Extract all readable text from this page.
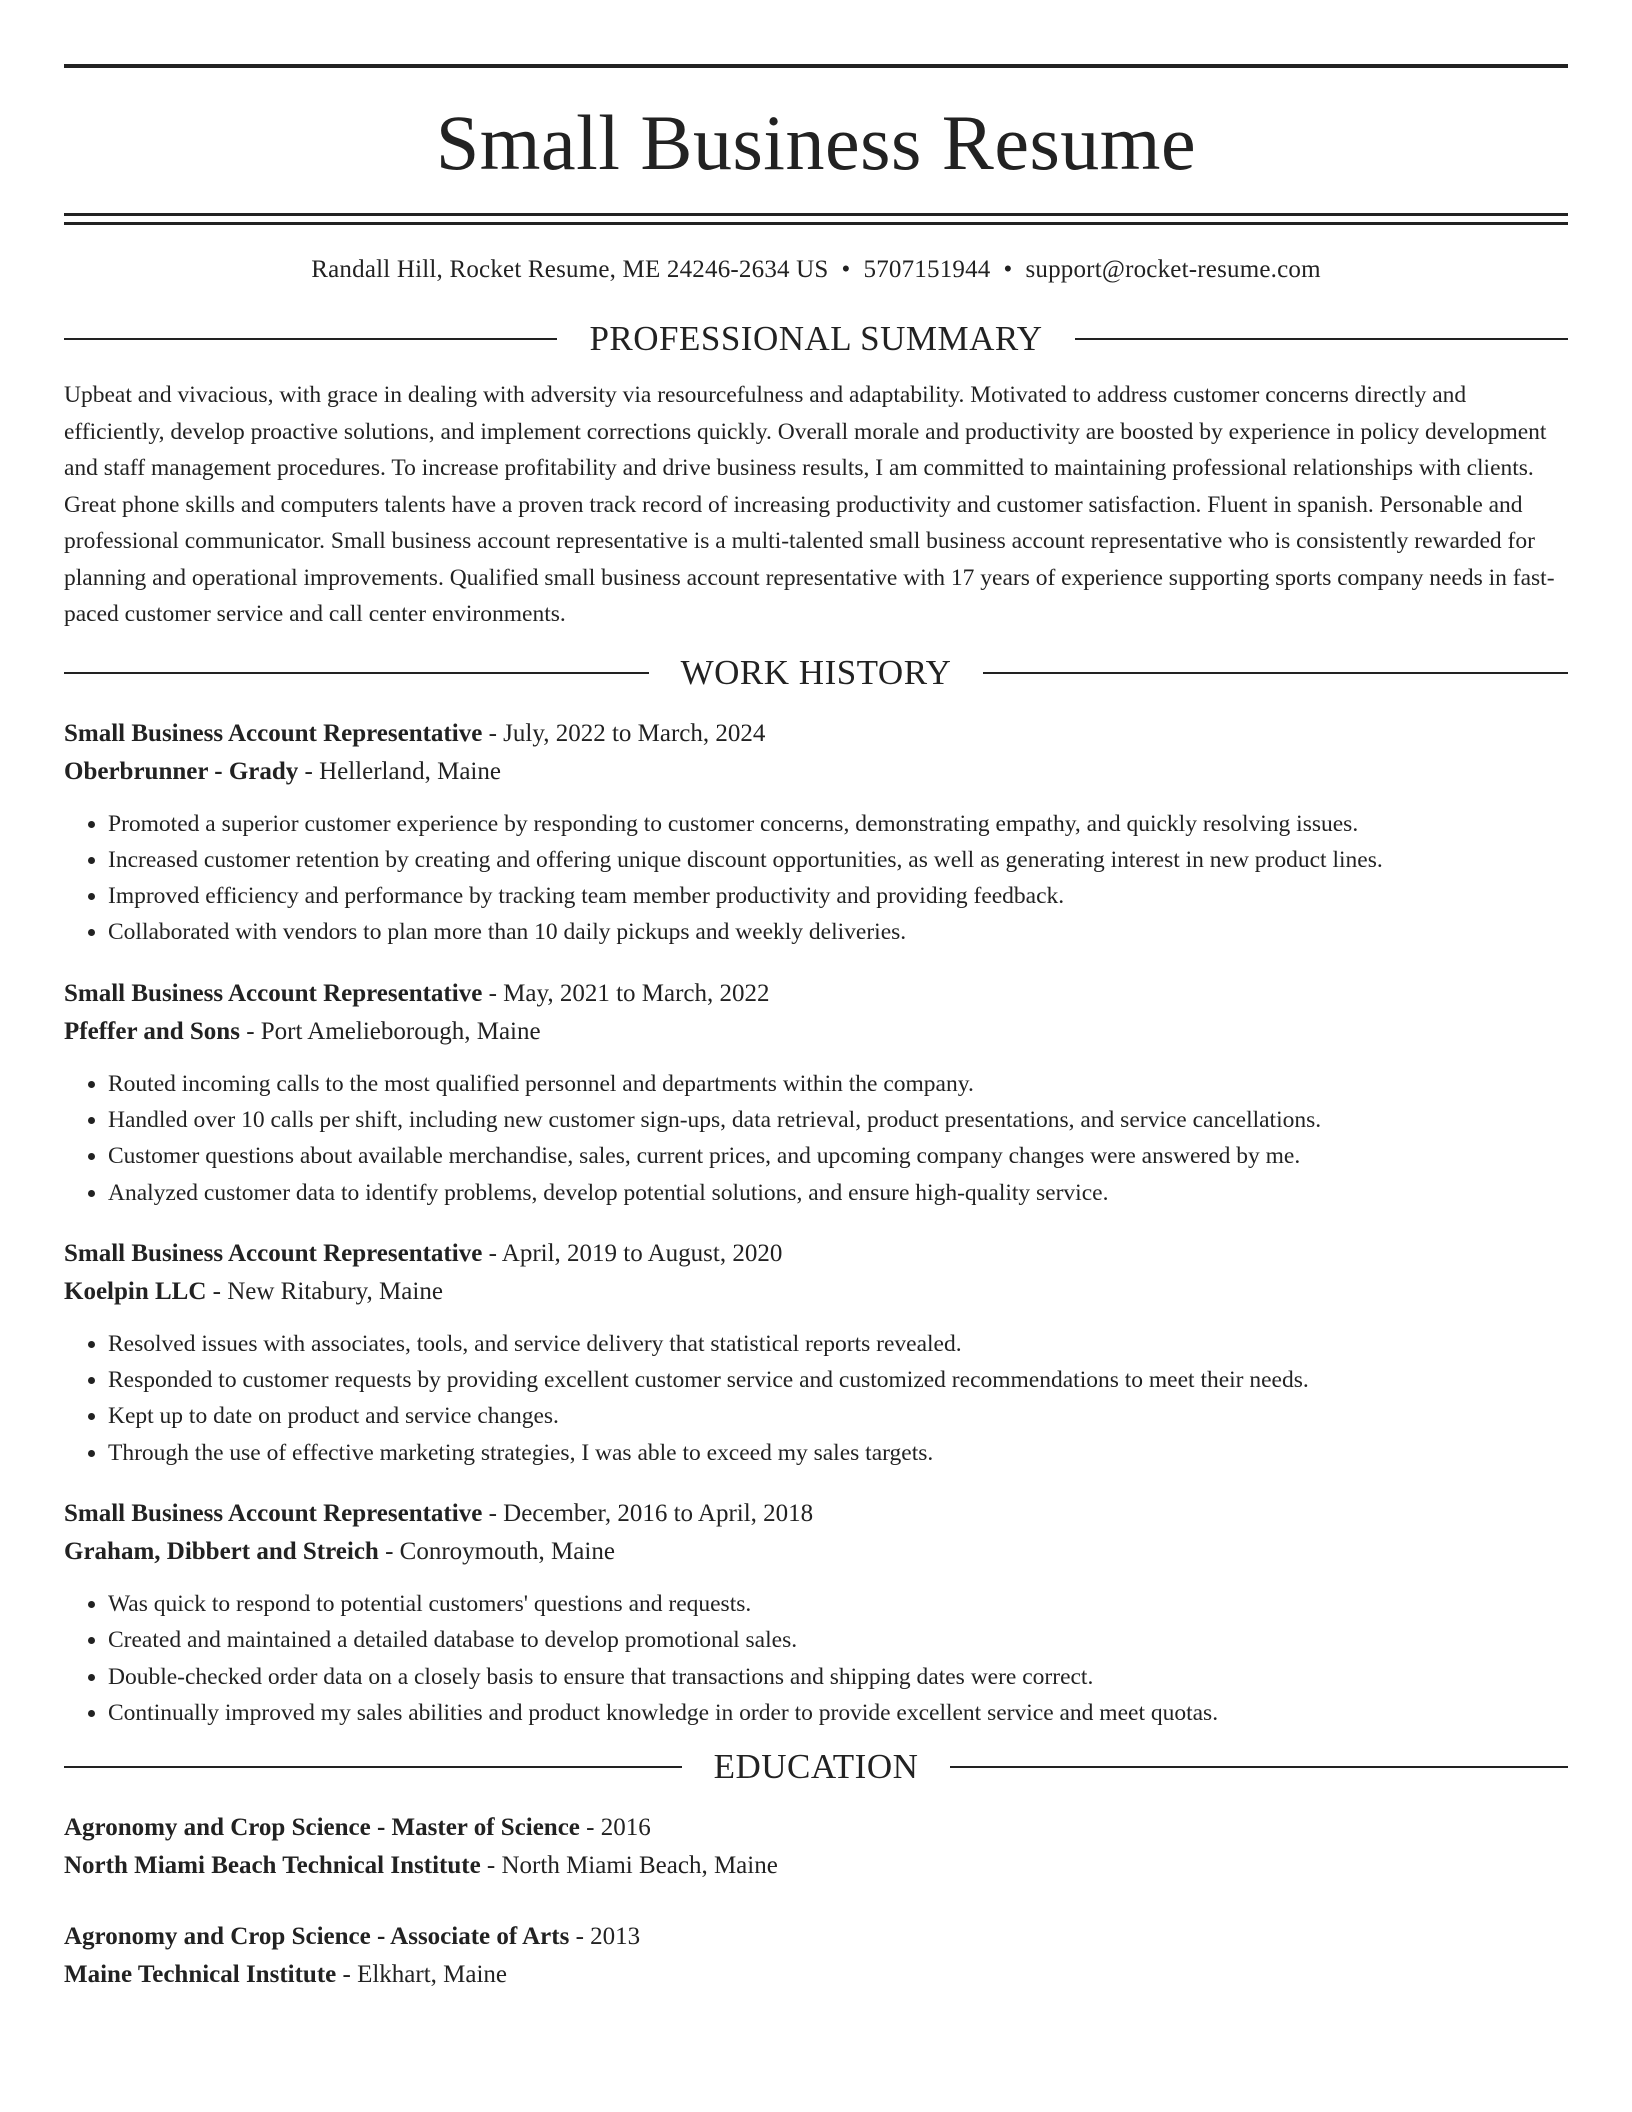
Small Business Resume
Randall Hill, Rocket Resume, ME 24246-2634 US • 5707151944 • support@rocket-resume.com
PROFESSIONAL SUMMARY

Upbeat and vivacious, with grace in dealing with adversity via resourcefulness and adaptability. Motivated to address customer concerns directly and efficiently, develop proactive solutions, and implement corrections quickly. Overall morale and productivity are boosted by experience in policy development and staff management procedures. To increase profitability and drive business results, I am committed to maintaining professional relationships with clients. Great phone skills and computers talents have a proven track record of increasing productivity and customer satisfaction. Fluent in spanish. Personable and professional communicator. Small business account representative is a multi-talented small business account representative who is consistently rewarded for planning and operational improvements. Qualified small business account representative with 17 years of experience supporting sports company needs in fast-paced customer service and call center environments.

WORK HISTORY
Small Business Account Representative - July, 2022 to March, 2024
Oberbrunner - Grady - Hellerland, Maine
• Promoted a superior customer experience by responding to customer concerns, demonstrating empathy, and quickly resolving issues.
• Increased customer retention by creating and offering unique discount opportunities, as well as generating interest in new product lines.
• Improved efficiency and performance by tracking team member productivity and providing feedback.
• Collaborated with vendors to plan more than 10 daily pickups and weekly deliveries.
Small Business Account Representative - May, 2021 to March, 2022
Pfeffer and Sons - Port Amelieborough, Maine
• Routed incoming calls to the most qualified personnel and departments within the company.
• Handled over 10 calls per shift, including new customer sign-ups, data retrieval, product presentations, and service cancellations.
• Customer questions about available merchandise, sales, current prices, and upcoming company changes were answered by me.
• Analyzed customer data to identify problems, develop potential solutions, and ensure high-quality service.
Small Business Account Representative - April, 2019 to August, 2020
Koelpin LLC - New Ritabury, Maine
• Resolved issues with associates, tools, and service delivery that statistical reports revealed.
• Responded to customer requests by providing excellent customer service and customized recommendations to meet their needs.
• Kept up to date on product and service changes.
• Through the use of effective marketing strategies, I was able to exceed my sales targets.
Small Business Account Representative - December, 2016 to April, 2018
Graham, Dibbert and Streich - Conroymouth, Maine
• Was quick to respond to potential customers' questions and requests.
• Created and maintained a detailed database to develop promotional sales.
• Double-checked order data on a closely basis to ensure that transactions and shipping dates were correct.
• Continually improved my sales abilities and product knowledge in order to provide excellent service and meet quotas.
EDUCATION
Agronomy and Crop Science - Master of Science - 2016
North Miami Beach Technical Institute - North Miami Beach, Maine
Agronomy and Crop Science - Associate of Arts - 2013
Maine Technical Institute - Elkhart, Maine
